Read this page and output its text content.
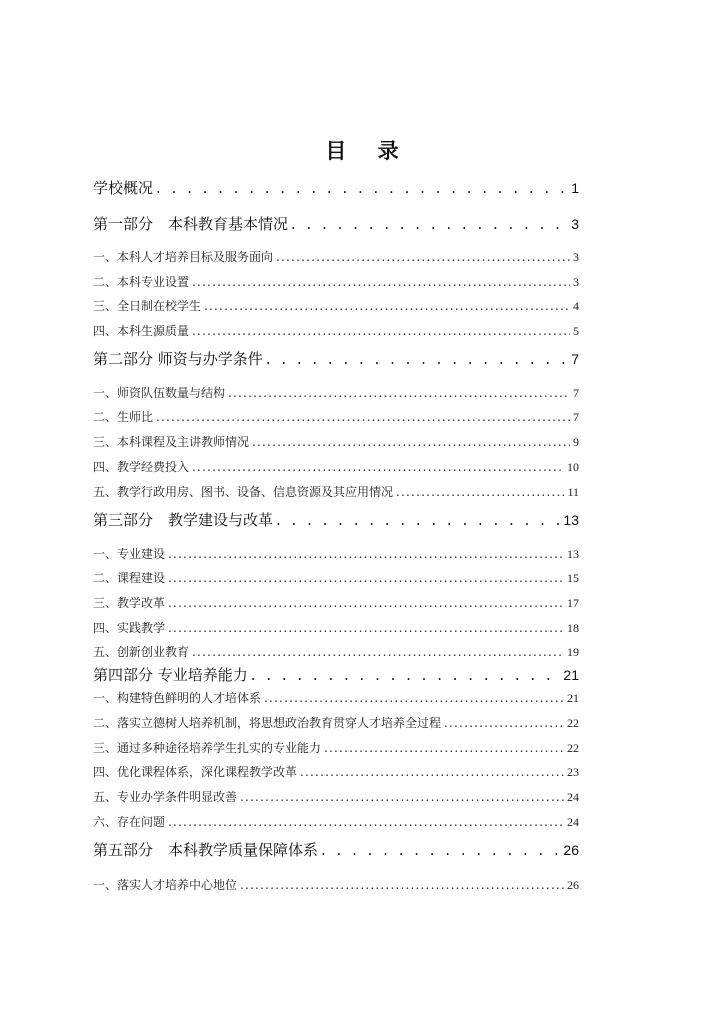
目 录
学校概况 . . .	1
第一部分　本科教育基本情况 . . .	3
一、本科人才培养目标及服务面向 .....	3
二、本科专业设置 .....	3
三、全日制在校学生 .....	4
四、本科生源质量 .....	5
第二部分 师资与办学条件 . . .	7
一、师资队伍数量与结构 .....	7
二、生师比 .....	7
三、本科课程及主讲教师情况 .....	9
四、教学经费投入 .....	10
五、教学行政用房、图书、设备、信息资源及其应用情况 .....	11
第三部分　教学建设与改革 . . .	13
一、专业建设 .....	13
二、课程建设 .....	15
三、教学改革 .....	17
四、实践教学 .....	18
五、创新创业教育 .....	19
第四部分 专业培养能力 . . .	21
一、构建特色鲜明的人才培体系 .....	21
二、落实立德树人培养机制，将思想政治教育贯穿人才培养全过程 .....	22
三、通过多种途径培养学生扎实的专业能力 .....	22
四、优化课程体系，深化课程教学改革 .....	23
五、专业办学条件明显改善 .....	24
六、存在问题 .....	24
第五部分　本科教学质量保障体系 . . .	26
一、落实人才培养中心地位 .....	26
